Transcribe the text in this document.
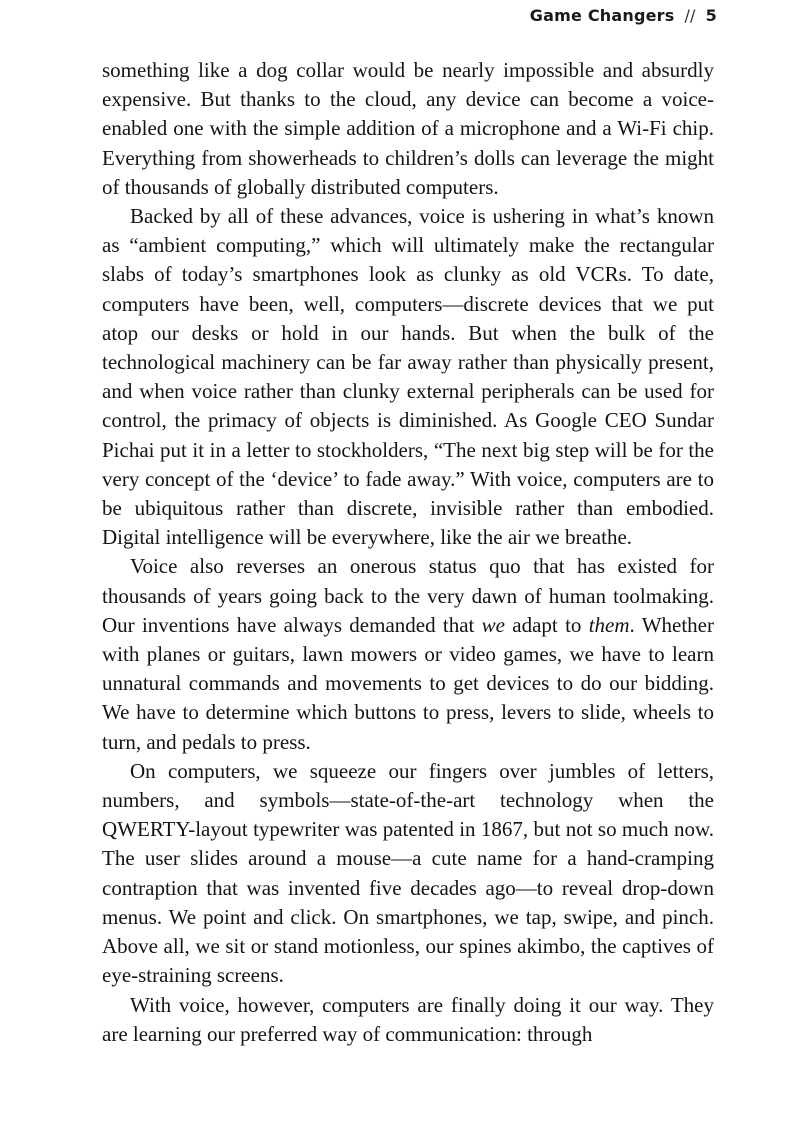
Game Changers // 5

something like a dog collar would be nearly impossible and absurdly expensive. But thanks to the cloud, any device can become a voice-enabled one with the simple addition of a microphone and a Wi-Fi chip. Everything from showerheads to children’s dolls can leverage the might of thousands of globally distributed computers.

Backed by all of these advances, voice is ushering in what’s known as “ambient computing,” which will ultimately make the rectangular slabs of today’s smartphones look as clunky as old VCRs. To date, computers have been, well, computers—discrete devices that we put atop our desks or hold in our hands. But when the bulk of the technological machinery can be far away rather than physically present, and when voice rather than clunky external peripherals can be used for control, the primacy of objects is diminished. As Google CEO Sundar Pichai put it in a letter to stockholders, “The next big step will be for the very concept of the ‘device’ to fade away.” With voice, computers are to be ubiquitous rather than discrete, invisible rather than embodied. Digital intelligence will be everywhere, like the air we breathe.

Voice also reverses an onerous status quo that has existed for thousands of years going back to the very dawn of human toolmaking. Our inventions have always demanded that we adapt to them. Whether with planes or guitars, lawn mowers or video games, we have to learn unnatural commands and movements to get devices to do our bidding. We have to determine which buttons to press, levers to slide, wheels to turn, and pedals to press.

On computers, we squeeze our fingers over jumbles of letters, numbers, and symbols—state-of-the-art technology when the QWERTY-layout typewriter was patented in 1867, but not so much now. The user slides around a mouse—a cute name for a hand-cramping contraption that was invented five decades ago—to reveal drop-down menus. We point and click. On smartphones, we tap, swipe, and pinch. Above all, we sit or stand motionless, our spines akimbo, the captives of eye-straining screens.

With voice, however, computers are finally doing it our way. They are learning our preferred way of communication: through
